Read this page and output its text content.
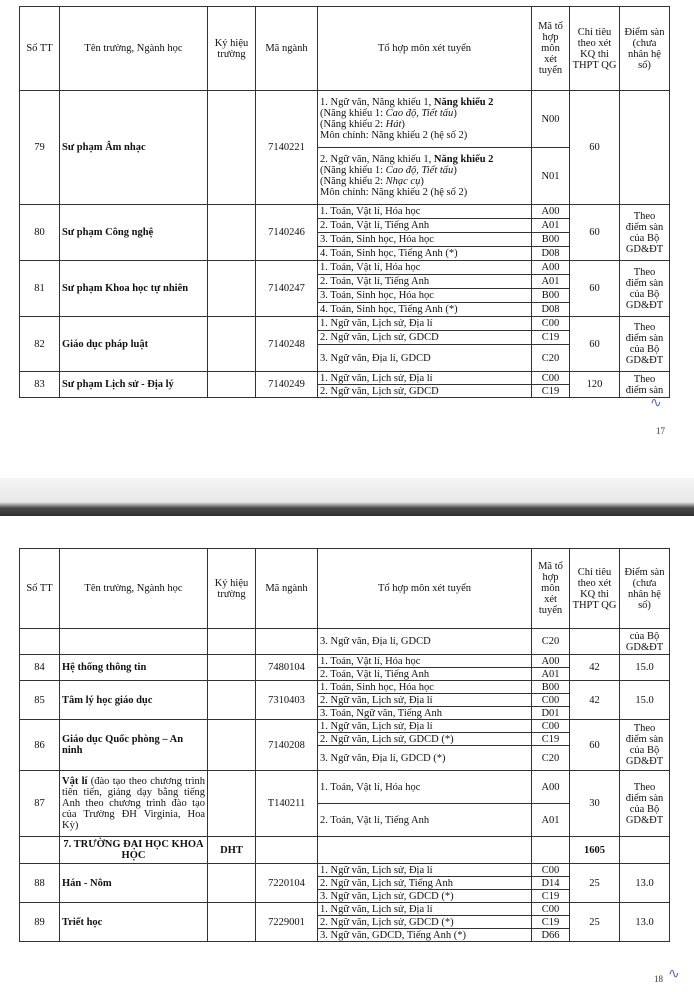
Số TT	Tên trường, Ngành học	Ký hiệu trường	Mã ngành	Tổ hợp môn xét tuyển	Mã tổ hợp môn xét tuyển	Chỉ tiêu theo xét KQ thi THPT QG	Điểm sàn (chưa nhân hệ số)
79	Sư phạm Âm nhạc		7140221	1. Ngữ văn, Năng khiếu 1, Năng khiếu 2
(Năng khiếu 1: Cao độ, Tiết tấu)
(Năng khiếu 2: Hát)
Môn chính: Năng khiếu 2 (hệ số 2)	N00	60	
				2. Ngữ văn, Năng khiếu 1, Năng khiếu 2
(Năng khiếu 1: Cao độ, Tiết tấu)
(Năng khiếu 2: Nhạc cụ)
Môn chính: Năng khiếu 2 (hệ số 2)	N01		
80	Sư phạm Công nghệ		7140246	1. Toán, Vật lí, Hóa học	A00	60	Theo điểm sàn của Bộ GD&ĐT
				2. Toán, Vật lí, Tiếng Anh	A01		
				3. Toán, Sinh học, Hóa học	B00		
				4. Toán, Sinh học, Tiếng Anh (*)	D08		
81	Sư phạm Khoa học tự nhiên		7140247	1. Toán, Vật lí, Hóa học	A00	60	Theo điểm sàn của Bộ GD&ĐT
				2. Toán, Vật lí, Tiếng Anh	A01		
				3. Toán, Sinh học, Hóa học	B00		
				4. Toán, Sinh học, Tiếng Anh (*)	D08		
82	Giáo dục pháp luật		7140248	1. Ngữ văn, Lịch sử, Địa lí	C00	60	Theo điểm sàn của Bộ GD&ĐT
				2. Ngữ văn, Lịch sử, GDCD	C19		
				3. Ngữ văn, Địa lí, GDCD	C20		
83	Sư phạm Lịch sử - Địa lý		7140249	1. Ngữ văn, Lịch sử, Địa lí	C00	120	Theo điểm sàn
				2. Ngữ văn, Lịch sử, GDCD	C19		
∿
17
Số TT	Tên trường, Ngành học	Ký hiệu trường	Mã ngành	Tổ hợp môn xét tuyển	Mã tổ hợp môn xét tuyển	Chỉ tiêu theo xét KQ thi THPT QG	Điểm sàn (chưa nhân hệ số)
				3. Ngữ văn, Địa lí, GDCD	C20		của Bộ GD&ĐT
84	Hệ thống thông tin		7480104	1. Toán, Vật lí, Hóa học	A00	42	15.0
				2. Toán, Vật lí, Tiếng Anh	A01		
85	Tâm lý học giáo dục		7310403	1. Toán, Sinh học, Hóa học	B00	42	15.0
				2. Ngữ văn, Lịch sử, Địa lí	C00		
				3. Toán, Ngữ văn, Tiếng Anh	D01		
86	Giáo dục Quốc phòng – An ninh		7140208	1. Ngữ văn, Lịch sử, Địa lí	C00	60	Theo điểm sàn của Bộ GD&ĐT
				2. Ngữ văn, Lịch sử, GDCD (*)	C19		
				3. Ngữ văn, Địa lí, GDCD (*)	C20		
87	Vật lí (đào tạo theo chương trình tiên tiến, giảng dạy bằng tiếng Anh theo chương trình đào tạo của Trường ĐH Virginia, Hoa Kỳ)		T140211	1. Toán, Vật lí, Hóa học	A00	30	Theo điểm sàn của Bộ GD&ĐT
				2. Toán, Vật lí, Tiếng Anh	A01		
	7. TRƯỜNG ĐẠI HỌC KHOA HỌC	DHT				1605	
88	Hán - Nôm		7220104	1. Ngữ văn, Lịch sử, Địa lí	C00	25	13.0
				2. Ngữ văn, Lịch sử, Tiếng Anh	D14		
				3. Ngữ văn, Lịch sử, GDCD (*)	C19		
89	Triết học		7229001	1. Ngữ văn, Lịch sử, Địa lí	C00	25	13.0
				2. Ngữ văn, Lịch sử, GDCD (*)	C19		
				3. Ngữ văn, GDCD, Tiếng Anh (*)	D66		
18 ∿
